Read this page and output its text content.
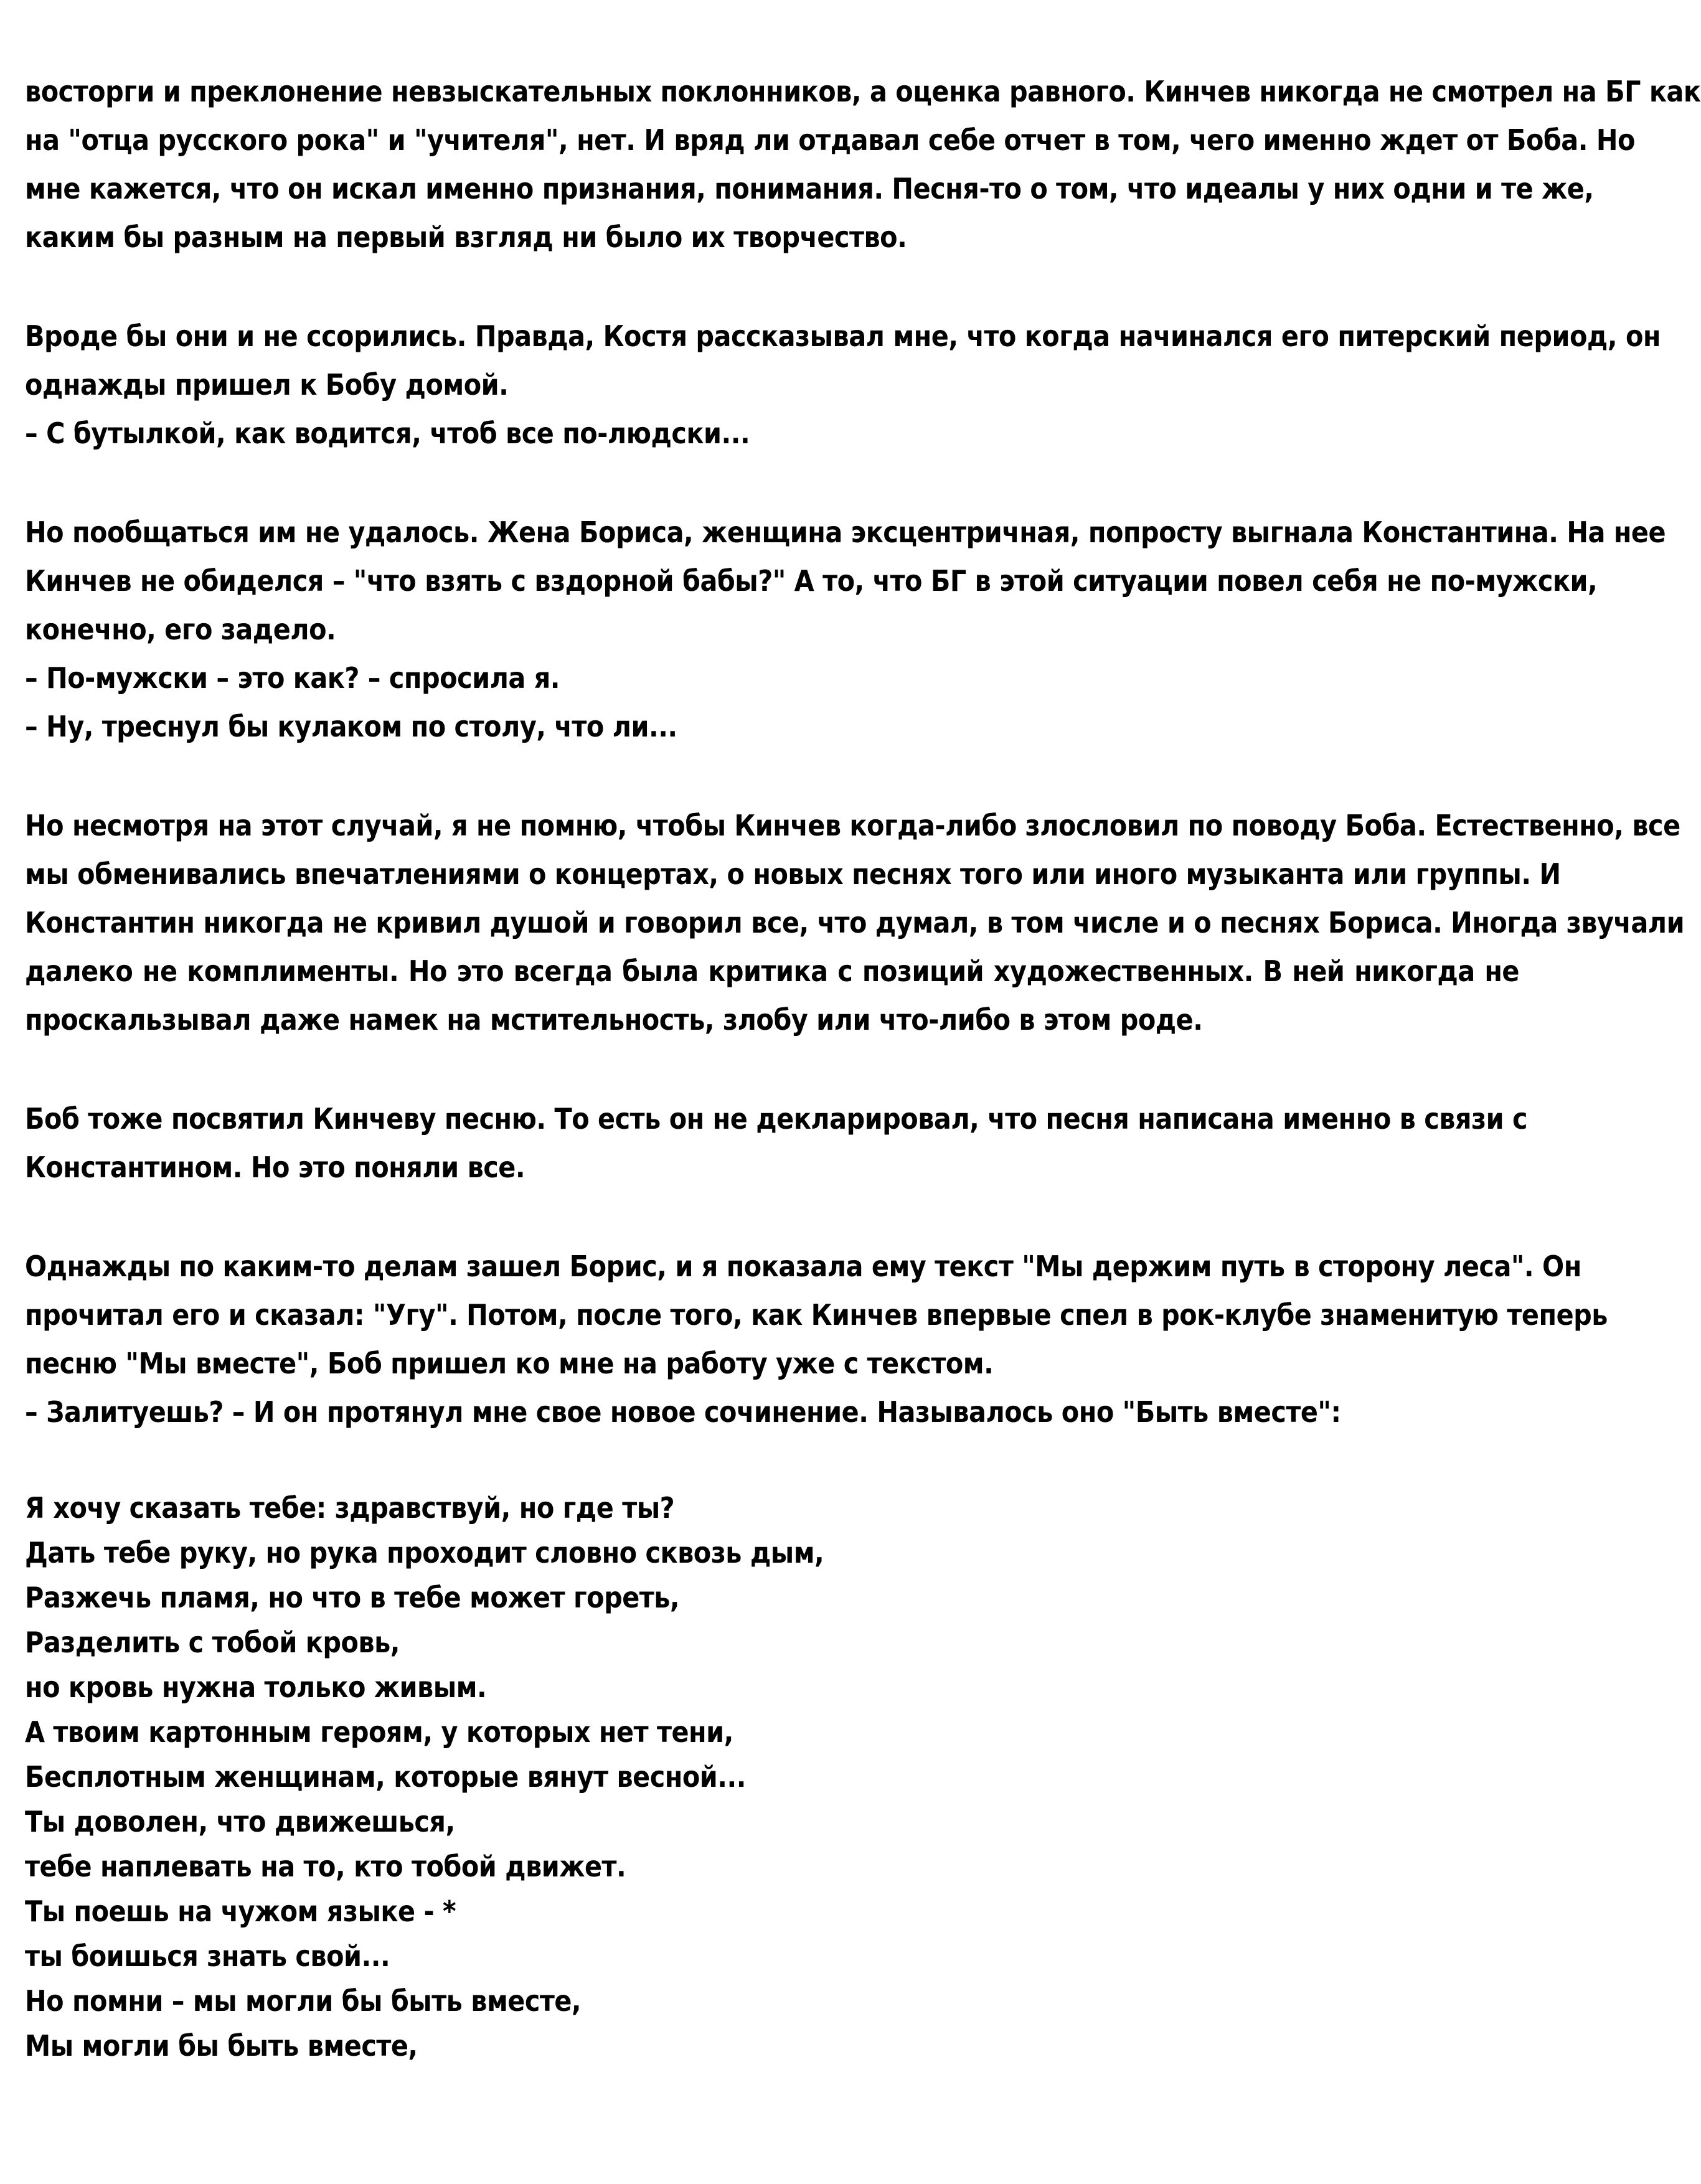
восторги и преклонение невзыскательных поклонников, а оценка равного. Кинчев никогда не смотрел на БГ как
на "отца русского рока" и "учителя", нет. И вряд ли отдавал себе отчет в том, чего именно ждет от Боба. Но
мне кажется, что он искал именно признания, понимания. Песня-то о том, что идеалы у них одни и те же,
каким бы разным на первый взгляд ни было их творчество.
Вроде бы они и не ссорились. Правда, Костя рассказывал мне, что когда начинался его питерский период, он
однажды пришел к Бобу домой.
– С бутылкой, как водится, чтоб все по-людски...
Но пообщаться им не удалось. Жена Бориса, женщина эксцентричная, попросту выгнала Константина. На нее
Кинчев не обиделся – "что взять с вздорной бабы?" А то, что БГ в этой ситуации повел себя не по-мужски,
конечно, его задело.
– По-мужски – это как? – спросила я.
– Ну, треснул бы кулаком по столу, что ли...
Но несмотря на этот случай, я не помню, чтобы Кинчев когда-либо злословил по поводу Боба. Естественно, все
мы обменивались впечатлениями о концертах, о новых песнях того или иного музыканта или группы. И
Константин никогда не кривил душой и говорил все, что думал, в том числе и о песнях Бориса. Иногда звучали
далеко не комплименты. Но это всегда была критика с позиций художественных. В ней никогда не
проскальзывал даже намек на мстительность, злобу или что-либо в этом роде.
Боб тоже посвятил Кинчеву песню. То есть он не декларировал, что песня написана именно в связи с
Константином. Но это поняли все.
Однажды по каким-то делам зашел Борис, и я показала ему текст "Мы держим путь в сторону леса". Он
прочитал его и сказал: "Угу". Потом, после того, как Кинчев впервые спел в рок-клубе знаменитую теперь
песню "Мы вместе", Боб пришел ко мне на работу уже с текстом.
– Залитуешь? – И он протянул мне свое новое сочинение. Называлось оно "Быть вместе":
Я хочу сказать тебе: здравствуй, но где ты?
Дать тебе руку, но рука проходит словно сквозь дым,
Разжечь пламя, но что в тебе может гореть,
Разделить с тобой кровь,
но кровь нужна только живым.
А твоим картонным героям, у которых нет тени,
Бесплотным женщинам, которые вянут весной...
Ты доволен, что движешься,
тебе наплевать на то, кто тобой движет.
Ты поешь на чужом языке - *
ты боишься знать свой...
Но помни – мы могли бы быть вместе,
Мы могли бы быть вместе,
